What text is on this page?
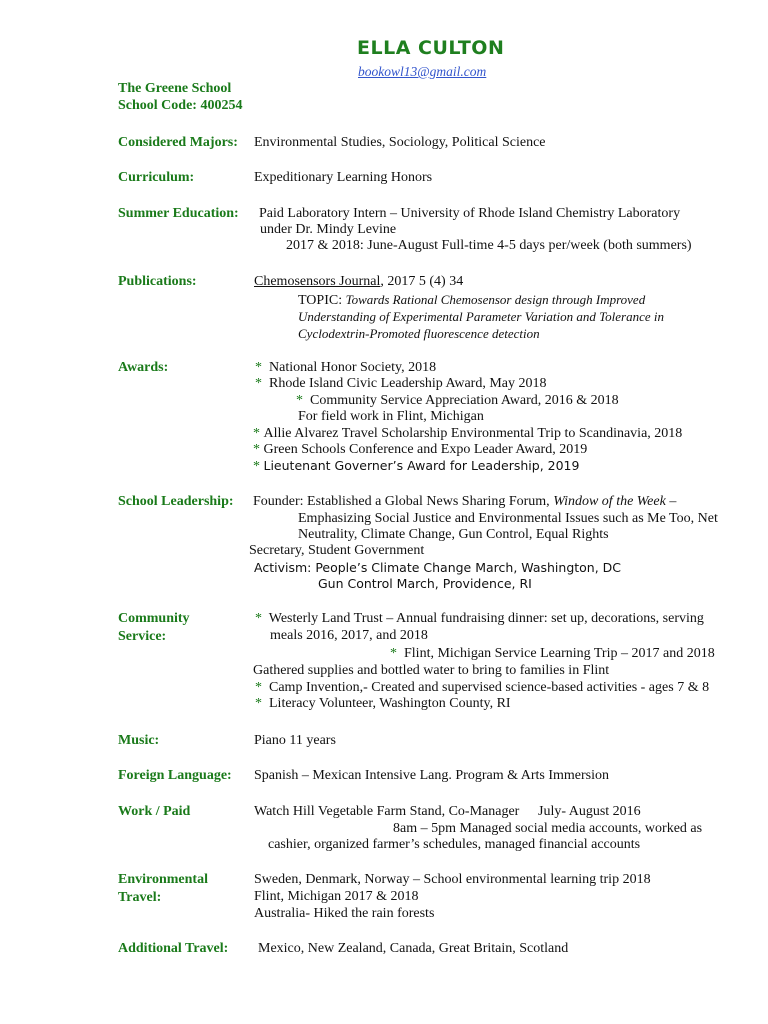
ELLA CULTON
bookowl13@gmail.com
The Greene School
School Code: 400254
Considered Majors: Environmental Studies, Sociology, Political Science
Curriculum:	Expeditionary Learning Honors
Summer Education: Paid Laboratory Intern – University of Rhode Island Chemistry Laboratory
under Dr. Mindy Levine
2017 & 2018: June-August Full-time 4-5 days per/week (both summers)
Publications:	Chemosensors Journal, 2017 5 (4) 34
TOPIC: Towards Rational Chemosensor design through Improved
Understanding of Experimental Parameter Variation and Tolerance in
Cyclodextrin-Promoted fluorescence detection
Awards:	* National Honor Society, 2018
* Rhode Island Civic Leadership Award, May 2018
* Community Service Appreciation Award, 2016 & 2018
For field work in Flint, Michigan
* Allie Alvarez Travel Scholarship Environmental Trip to Scandinavia, 2018
* Green Schools Conference and Expo Leader Award, 2019
* Lieutenant Governer’s Award for Leadership, 2019
School Leadership: Founder: Established a Global News Sharing Forum, Window of the Week –
Emphasizing Social Justice and Environmental Issues such as Me Too, Net
Neutrality, Climate Change, Gun Control, Equal Rights
Secretary, Student Government
Activism: People’s Climate Change March, Washington, DC
Gun Control March, Providence, RI
Community
Service:
* Westerly Land Trust – Annual fundraising dinner: set up, decorations, serving
meals 2016, 2017, and 2018
* Flint, Michigan Service Learning Trip – 2017 and 2018
Gathered supplies and bottled water to bring to families in Flint
* Camp Invention,- Created and supervised science-based activities - ages 7 & 8
* Literacy Volunteer, Washington County, RI
Music:	Piano 11 years
Foreign Language: Spanish – Mexican Intensive Lang. Program & Arts Immersion
Work / Paid	Watch Hill Vegetable Farm Stand, Co-Manager July- August 2016
8am – 5pm Managed social media accounts, worked as
cashier, organized farmer’s schedules, managed financial accounts
Environmental
Travel:
Sweden, Denmark, Norway – School environmental learning trip 2018
Flint, Michigan 2017 & 2018
Australia- Hiked the rain forests
Additional Travel: Mexico, New Zealand, Canada, Great Britain, Scotland
